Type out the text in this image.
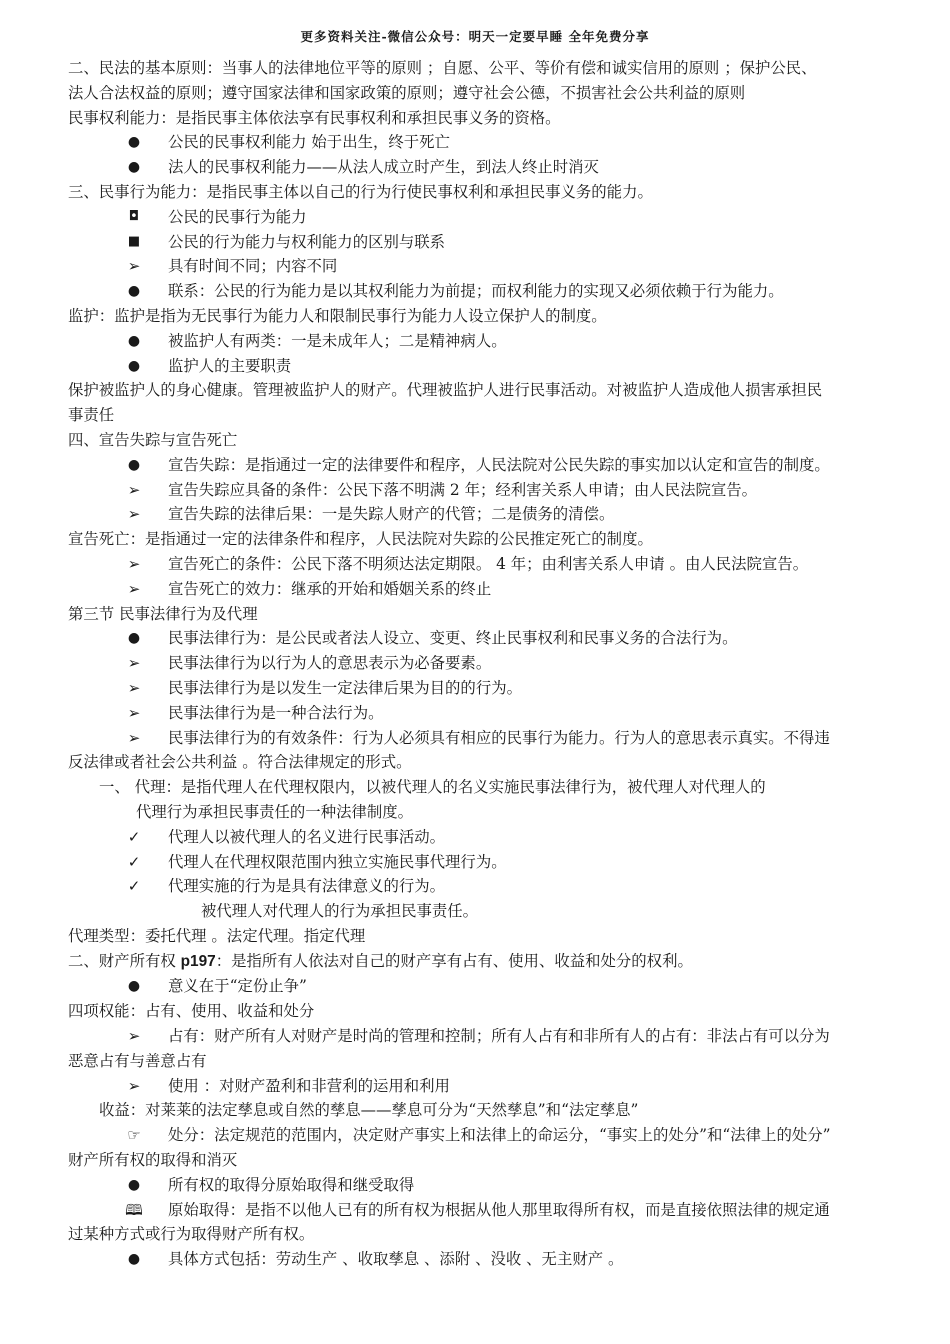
更多资料关注-微信公众号：明天一定要早睡 全年免费分享
二、民法的基本原则：当事人的法律地位平等的原则 ；自愿、公平、等价有偿和诚实信用的原则 ；保护公民、
法人合法权益的原则；遵守国家法律和国家政策的原则；遵守社会公德，不损害社会公共利益的原则
民事权利能力：是指民事主体依法享有民事权利和承担民事义务的资格。
● 公民的民事权利能力 始于出生，终于死亡
● 法人的民事权利能力——从法人成立时产生，到法人终止时消灭
三、民事行为能力：是指民事主体以自己的行为行使民事权利和承担民事义务的能力。
◘	公民的民事行为能力
■ 公民的行为能力与权利能力的区别与联系
➢ 具有时间不同；内容不同
● 联系：公民的行为能力是以其权利能力为前提；而权利能力的实现又必须依赖于行为能力。
监护：监护是指为无民事行为能力人和限制民事行为能力人设立保护人的制度。
● 被监护人有两类：一是未成年人；二是精神病人。
● 监护人的主要职责
保护被监护人的身心健康。管理被监护人的财产。代理被监护人进行民事活动。对被监护人造成他人损害承担民
事责任
四、宣告失踪与宣告死亡
● 宣告失踪：是指通过一定的法律要件和程序，人民法院对公民失踪的事实加以认定和宣告的制度。
➢ 宣告失踪应具备的条件：公民下落不明满 2 年；经利害关系人申请；由人民法院宣告。
➢ 宣告失踪的法律后果：一是失踪人财产的代管；二是债务的清偿。
宣告死亡：是指通过一定的法律条件和程序，人民法院对失踪的公民推定死亡的制度。
➢ 宣告死亡的条件：公民下落不明须达法定期限。 4 年；由利害关系人申请 。由人民法院宣告。
➢ 宣告死亡的效力：继承的开始和婚姻关系的终止
第三节 民事法律行为及代理
● 民事法律行为：是公民或者法人设立、变更、终止民事权利和民事义务的合法行为。
➢ 民事法律行为以行为人的意思表示为必备要素。
➢ 民事法律行为是以发生一定法律后果为目的的行为。
➢ 民事法律行为是一种合法行为。
➢ 民事法律行为的有效条件：行为人必须具有相应的民事行为能力。行为人的意思表示真实。不得违
反法律或者社会公共利益 。符合法律规定的形式。
一、 代理：是指代理人在代理权限内，以被代理人的名义实施民事法律行为，被代理人对代理人的
代理行为承担民事责任的一种法律制度。
✓ 代理人以被代理人的名义进行民事活动。
✓ 代理人在代理权限范围内独立实施民事代理行为。
✓ 代理实施的行为是具有法律意义的行为。
被代理人对代理人的行为承担民事责任。
代理类型：委托代理 。法定代理。指定代理
二、财产所有权 p197：是指所有人依法对自己的财产享有占有、使用、收益和处分的权利。
● 意义在于“定份止争”
四项权能：占有、使用、收益和处分
➢ 占有：财产所有人对财产是时尚的管理和控制；所有人占有和非所有人的占有：非法占有可以分为
恶意占有与善意占有
➢ 使用 ：对财产盈利和非营利的运用和利用
收益：对莱莱的法定孳息或自然的孳息——孳息可分为“天然孳息”和“法定孳息”
☞ 处分：法定规范的范围内，决定财产事实上和法律上的命运分，“事实上的处分”和“法律上的处分”
财产所有权的取得和消灭
● 所有权的取得分原始取得和继受取得
🕮 原始取得：是指不以他人已有的所有权为根据从他人那里取得所有权，而是直接依照法律的规定通
过某种方式或行为取得财产所有权。
● 具体方式包括：劳动生产 、收取孳息 、添附 、没收 、无主财产 。
